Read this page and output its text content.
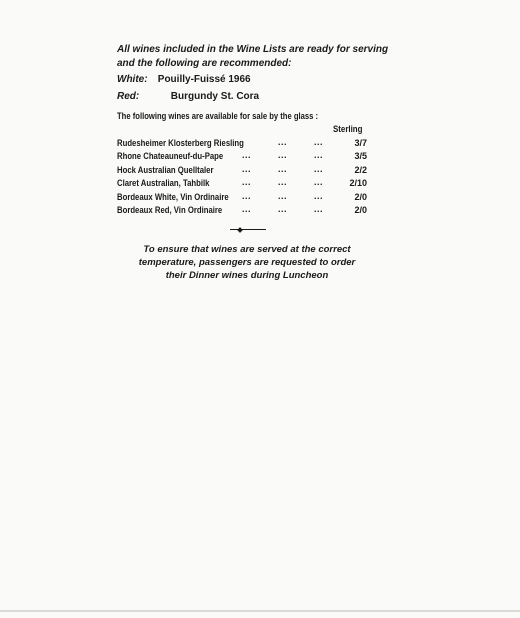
All wines included in the Wine Lists are ready for serving
and the following are recommended:
White: Pouilly-Fuissé 1966
Red:	Burgundy St. Cora
The following wines are available for sale by the glass :
Sterling
Rudesheimer Klosterberg Riesling	...	...	3/7
Rhone Chateauneuf-du-Pape ...	...	...	3/5
Hock Australian Quelltaler	...	...	...	2/2
Claret Australian, Tahbilk	...	...	...	2/10
Bordeaux White, Vin Ordinaire ...	...	...	2/0
Bordeaux Red, Vin Ordinaire ...	...	...	2/0
To ensure that wines are served at the correct
temperature, passengers are requested to order
their Dinner wines during Luncheon
